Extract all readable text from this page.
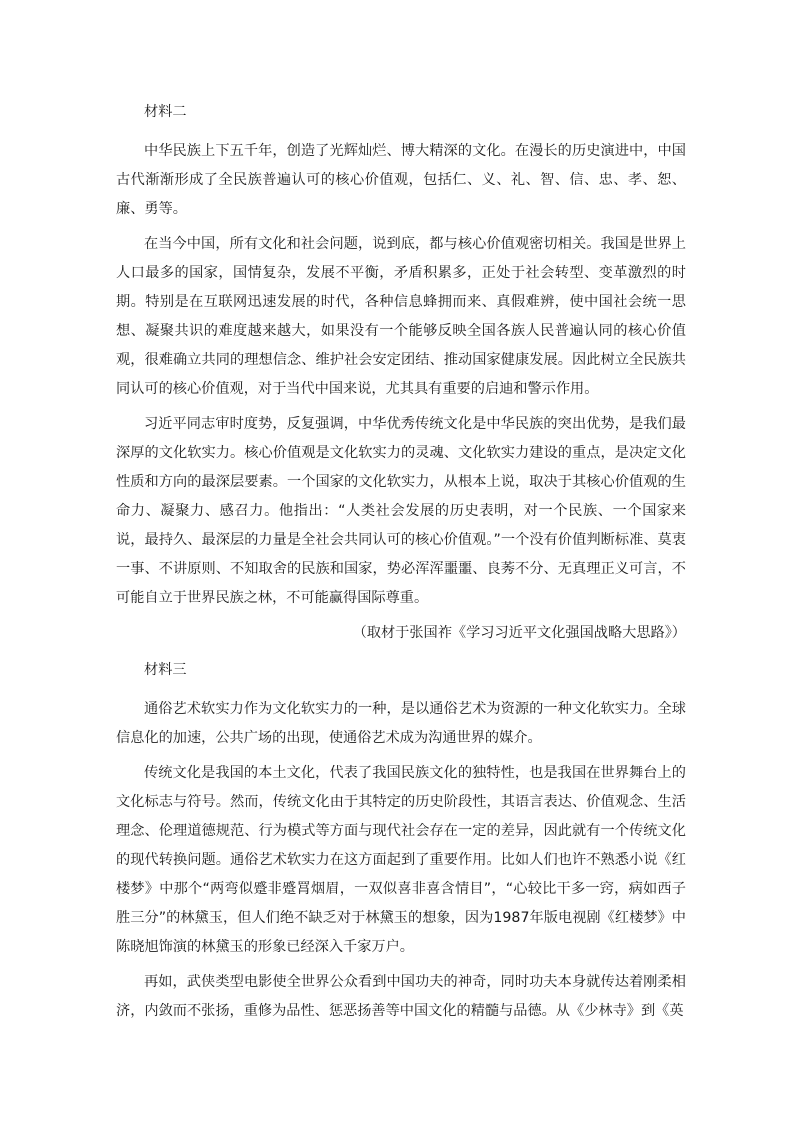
材料二

中华民族上下五千年，创造了光辉灿烂、博大精深的文化。在漫长的历史演进中，中国古代渐渐形成了全民族普遍认可的核心价值观，包括仁、义、礼、智、信、忠、孝、恕、廉、勇等。

在当今中国，所有文化和社会问题，说到底，都与核心价值观密切相关。我国是世界上人口最多的国家，国情复杂，发展不平衡，矛盾积累多，正处于社会转型、变革激烈的时期。特别是在互联网迅速发展的时代，各种信息蜂拥而来、真假难辨，使中国社会统一思想、凝聚共识的难度越来越大，如果没有一个能够反映全国各族人民普遍认同的核心价值观，很难确立共同的理想信念、维护社会安定团结、推动国家健康发展。因此树立全民族共同认可的核心价值观，对于当代中国来说，尤其具有重要的启迪和警示作用。

习近平同志审时度势，反复强调，中华优秀传统文化是中华民族的突出优势，是我们最深厚的文化软实力。核心价值观是文化软实力的灵魂、文化软实力建设的重点，是决定文化性质和方向的最深层要素。一个国家的文化软实力，从根本上说，取决于其核心价值观的生命力、凝聚力、感召力。他指出：“人类社会发展的历史表明，对一个民族、一个国家来说，最持久、最深层的力量是全社会共同认可的核心价值观。”一个没有价值判断标准、莫衷一事、不讲原则、不知取舍的民族和国家，势必浑浑噩噩、良莠不分、无真理正义可言，不可能自立于世界民族之林，不可能赢得国际尊重。

（取材于张国祚《学习习近平文化强国战略大思路》）

材料三

通俗艺术软实力作为文化软实力的一种，是以通俗艺术为资源的一种文化软实力。全球信息化的加速，公共广场的出现，使通俗艺术成为沟通世界的媒介。

传统文化是我国的本土文化，代表了我国民族文化的独特性，也是我国在世界舞台上的文化标志与符号。然而，传统文化由于其特定的历史阶段性，其语言表达、价值观念、生活理念、伦理道德规范、行为模式等方面与现代社会存在一定的差异，因此就有一个传统文化的现代转换问题。通俗艺术软实力在这方面起到了重要作用。比如人们也许不熟悉小说《红楼梦》中那个“两弯似蹙非蹙罥烟眉，一双似喜非喜含情目”，“心较比干多一窍，病如西子胜三分”的林黛玉，但人们绝不缺乏对于林黛玉的想象，因为1987年版电视剧《红楼梦》中陈晓旭饰演的林黛玉的形象已经深入千家万户。

再如，武侠类型电影使全世界公众看到中国功夫的神奇，同时功夫本身就传达着刚柔相济，内敛而不张扬，重修为品性、惩恶扬善等中国文化的精髓与品德。从《少林寺》到《英
